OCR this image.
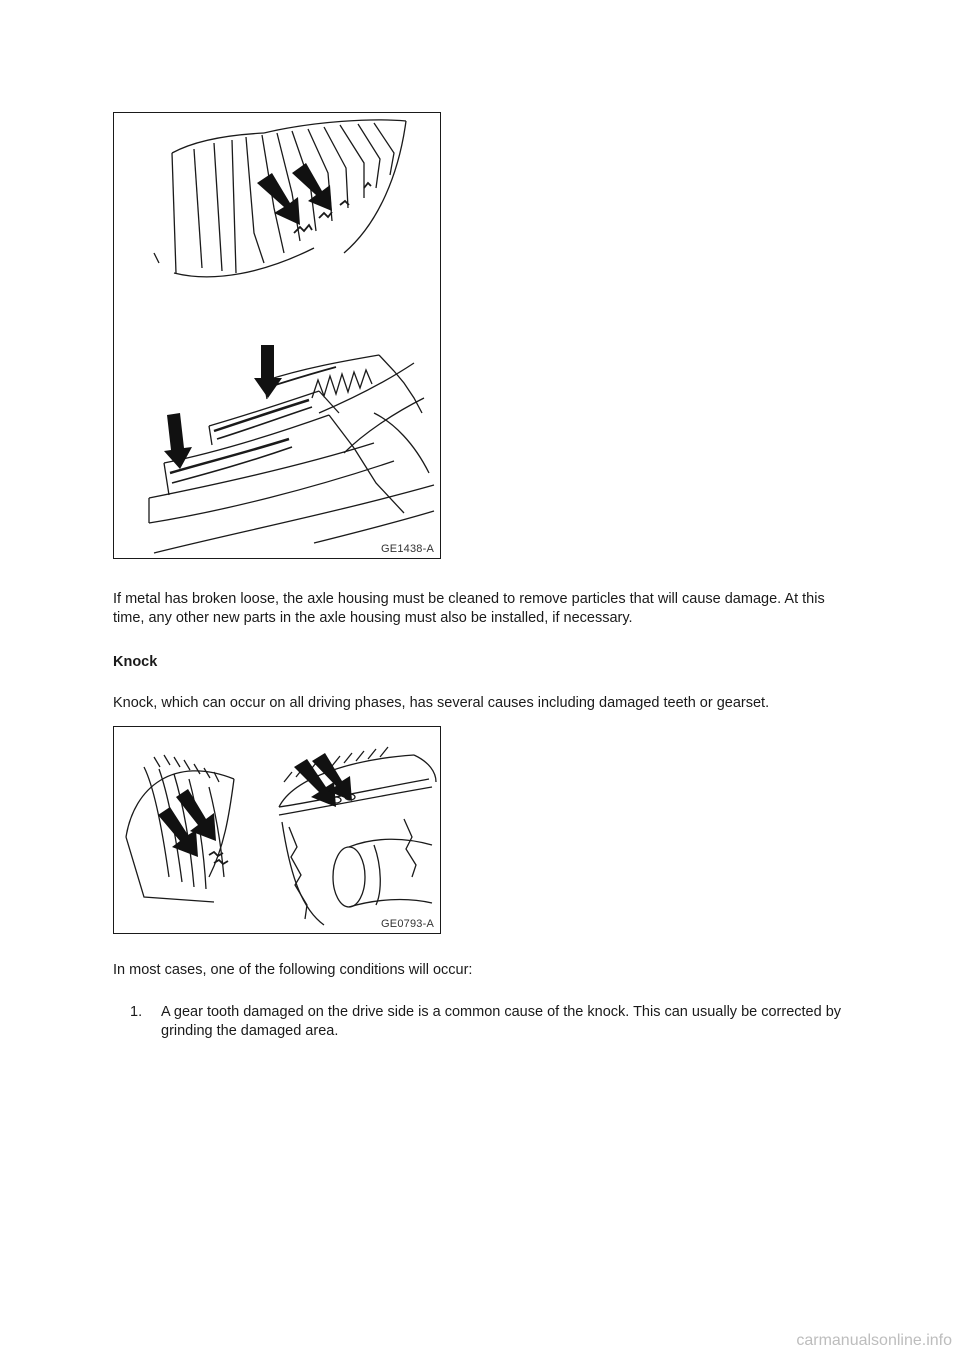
GE1438-A

If metal has broken loose, the axle housing must be cleaned to remove particles that will cause damage. At this time, any other new parts in the axle housing must also be installed, if necessary.

Knock

Knock, which can occur on all driving phases, has several causes including damaged teeth or gearset.

GE0793-A

In most cases, one of the following conditions will occur:

1. A gear tooth damaged on the drive side is a common cause of the knock. This can usually be corrected by grinding the damaged area.
carmanualsonline.info
